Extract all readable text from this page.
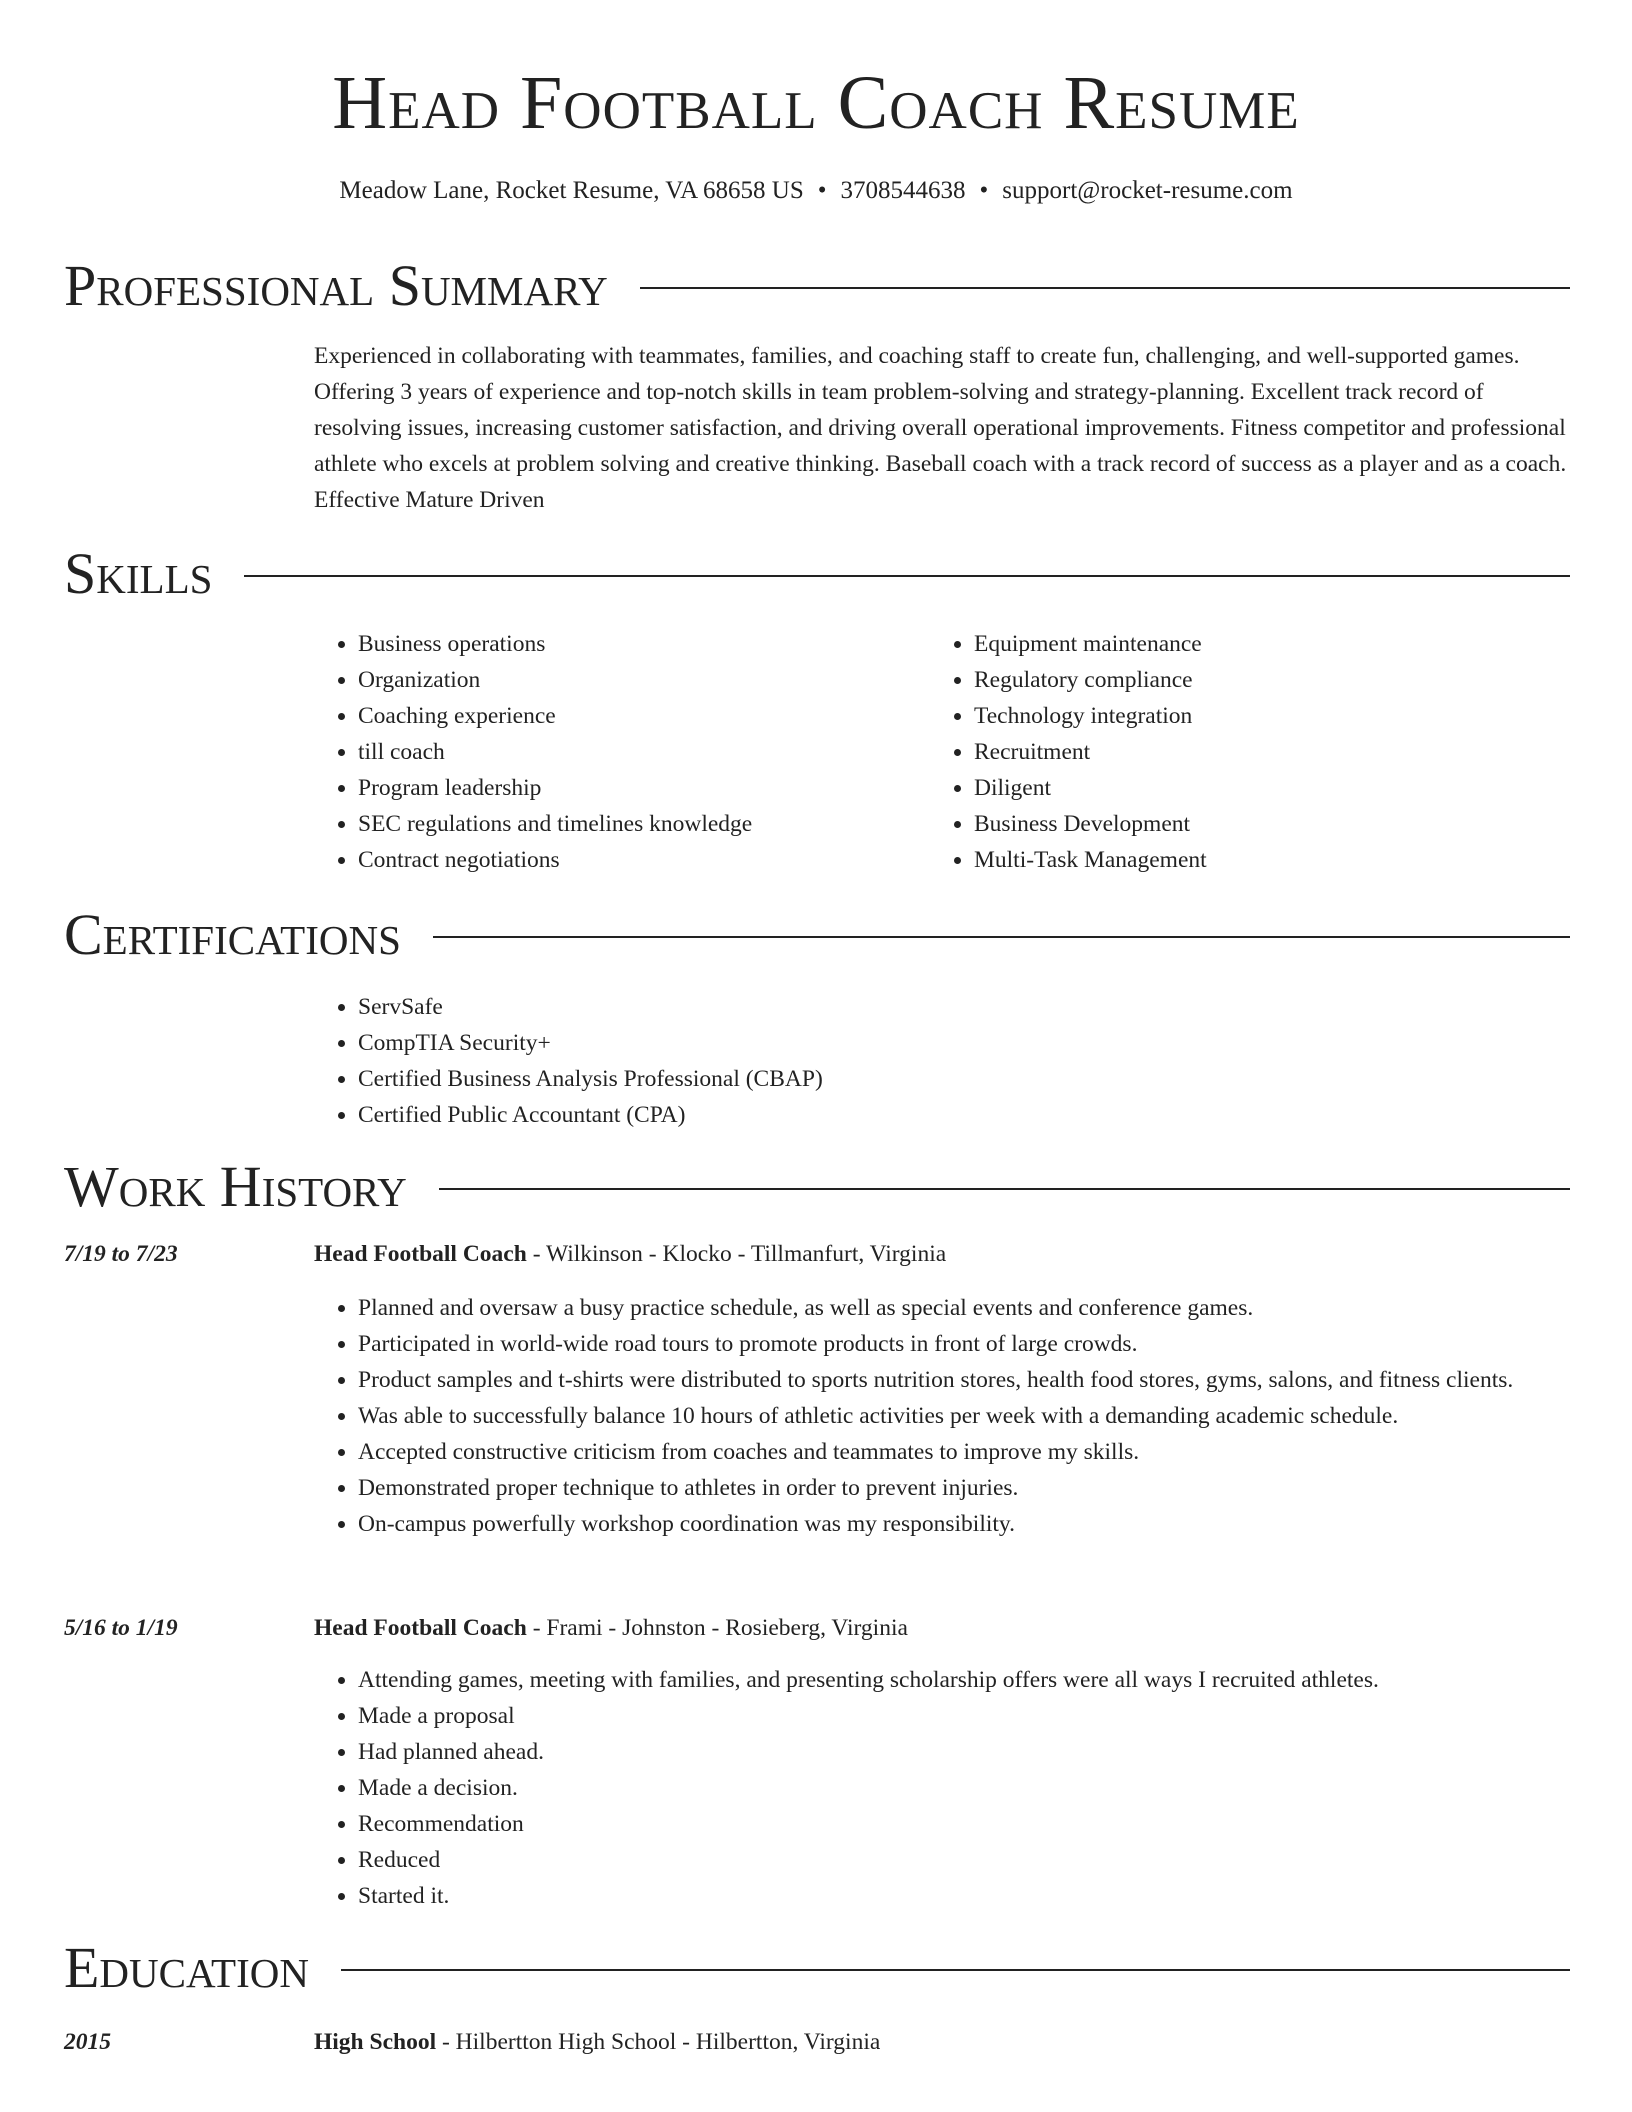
Head Football Coach Resume
Meadow Lane, Rocket Resume, VA 68658 US • 3708544638 • support@rocket-resume.com
Professional Summary

Experienced in collaborating with teammates, families, and coaching staff to create fun, challenging, and well-supported games. Offering 3 years of experience and top-notch skills in team problem-solving and strategy-planning. Excellent track record of resolving issues, increasing customer satisfaction, and driving overall operational improvements. Fitness competitor and professional athlete who excels at problem solving and creative thinking. Baseball coach with a track record of success as a player and as a coach. Effective Mature Driven

Skills
• Business operations
• Organization
• Coaching experience
• till coach
• Program leadership
• SEC regulations and timelines knowledge
• Contract negotiations
• Equipment maintenance
• Regulatory compliance
• Technology integration
• Recruitment
• Diligent
• Business Development
• Multi-Task Management
Certifications
• ServSafe
• CompTIA Security+
• Certified Business Analysis Professional (CBAP)
• Certified Public Accountant (CPA)
Work History
7/19 to 7/23	Head Football Coach - Wilkinson - Klocko - Tillmanfurt, Virginia
• Planned and oversaw a busy practice schedule, as well as special events and conference games.
• Participated in world-wide road tours to promote products in front of large crowds.
• Product samples and t-shirts were distributed to sports nutrition stores, health food stores, gyms, salons, and fitness clients.
• Was able to successfully balance 10 hours of athletic activities per week with a demanding academic schedule.
• Accepted constructive criticism from coaches and teammates to improve my skills.
• Demonstrated proper technique to athletes in order to prevent injuries.
• On-campus powerfully workshop coordination was my responsibility.
5/16 to 1/19	Head Football Coach - Frami - Johnston - Rosieberg, Virginia
• Attending games, meeting with families, and presenting scholarship offers were all ways I recruited athletes.
• Made a proposal
• Had planned ahead.
• Made a decision.
• Recommendation
• Reduced
• Started it.
Education
2015	High School - Hilbertton High School - Hilbertton, Virginia
